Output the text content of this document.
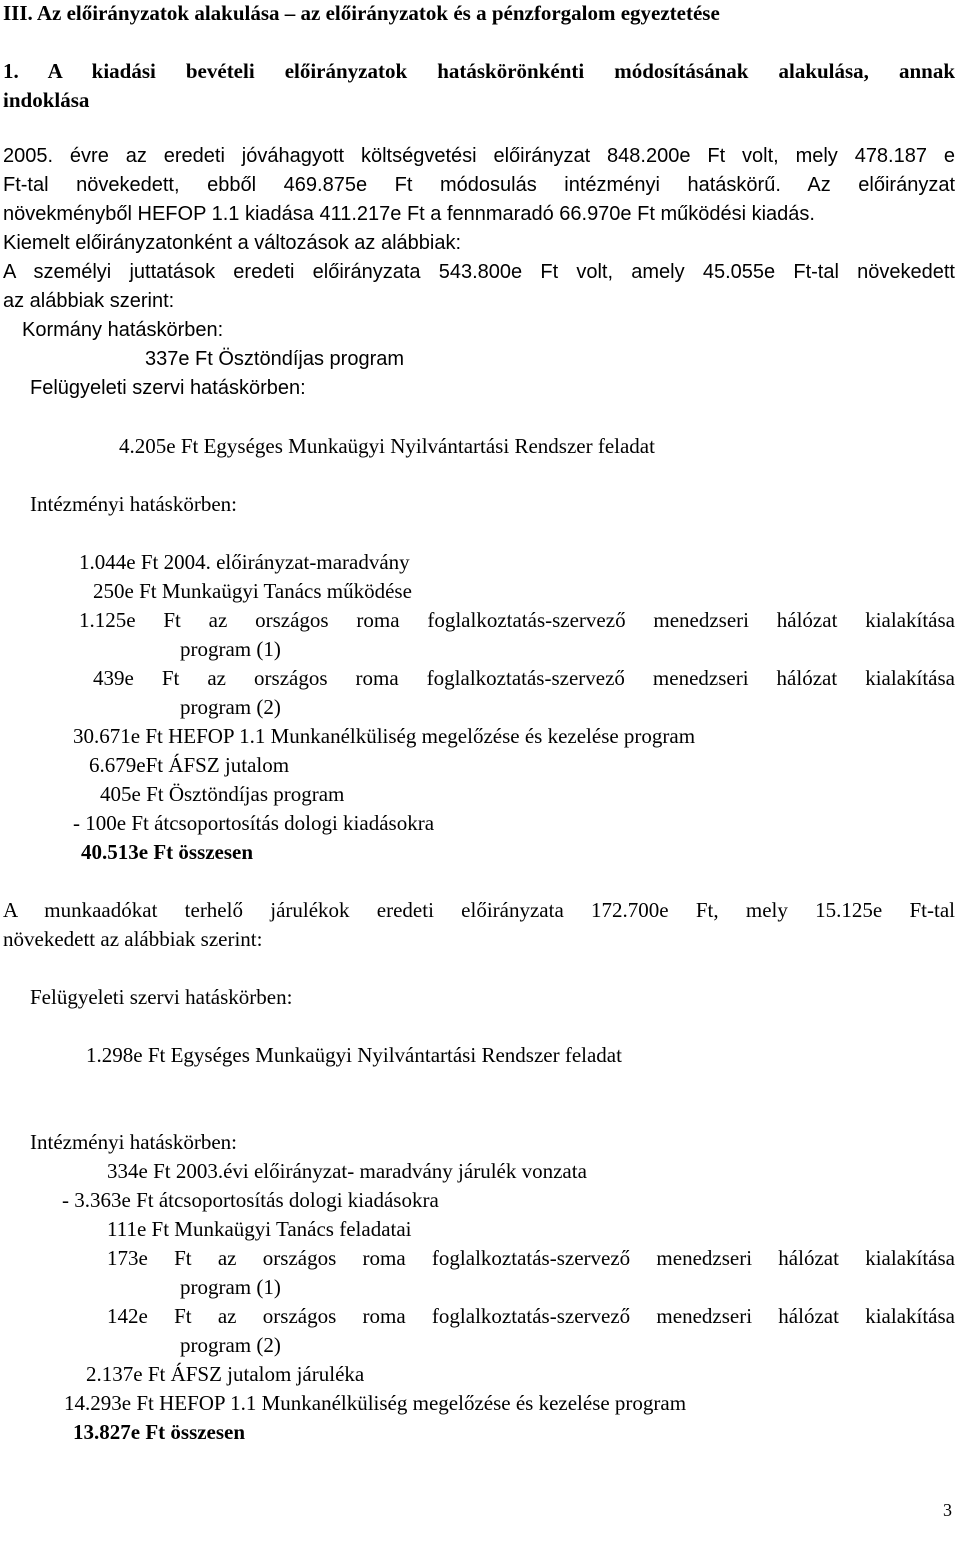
III. Az előirányzatok alakulása – az előirányzatok és a pénzforgalom egyeztetése
1. A kiadási bevételi előirányzatok hatáskörönkénti módosításának alakulása, annak
indoklása
2005. évre az eredeti jóváhagyott költségvetési előirányzat 848.200e Ft volt, mely 478.187 e
Ft-tal növekedett, ebből 469.875e Ft módosulás intézményi hatáskörű. Az előirányzat
növekményből HEFOP 1.1 kiadása 411.217e Ft a fennmaradó 66.970e Ft működési kiadás.
Kiemelt előirányzatonként a változások az alábbiak:
A személyi juttatások eredeti előirányzata 543.800e Ft volt, amely 45.055e Ft-tal növekedett
az alábbiak szerint:
Kormány hatáskörben:
337e Ft Ösztöndíjas program
Felügyeleti szervi hatáskörben:
4.205e Ft Egységes Munkaügyi Nyilvántartási Rendszer feladat
Intézményi hatáskörben:
1.044e Ft 2004. előirányzat-maradvány
250e Ft Munkaügyi Tanács működése
1.125e Ft az országos roma foglalkoztatás-szervező menedzseri hálózat kialakítása
program (1)
439e Ft az országos roma foglalkoztatás-szervező menedzseri hálózat kialakítása
program (2)
30.671e Ft HEFOP 1.1 Munkanélküliség megelőzése és kezelése program
6.679eFt ÁFSZ jutalom
405e Ft Ösztöndíjas program
- 100e Ft átcsoportosítás dologi kiadásokra
40.513e Ft összesen
A munkaadókat terhelő járulékok eredeti előirányzata 172.700e Ft, mely 15.125e Ft-tal
növekedett az alábbiak szerint:
Felügyeleti szervi hatáskörben:
1.298e Ft Egységes Munkaügyi Nyilvántartási Rendszer feladat
Intézményi hatáskörben:
334e Ft 2003.évi előirányzat- maradvány járulék vonzata
- 3.363e Ft átcsoportosítás dologi kiadásokra
111e Ft Munkaügyi Tanács feladatai
173e Ft az országos roma foglalkoztatás-szervező menedzseri hálózat kialakítása
program (1)
142e Ft az országos roma foglalkoztatás-szervező menedzseri hálózat kialakítása
program (2)
2.137e Ft ÁFSZ jutalom járuléka
14.293e Ft HEFOP 1.1 Munkanélküliség megelőzése és kezelése program
13.827e Ft összesen
3
